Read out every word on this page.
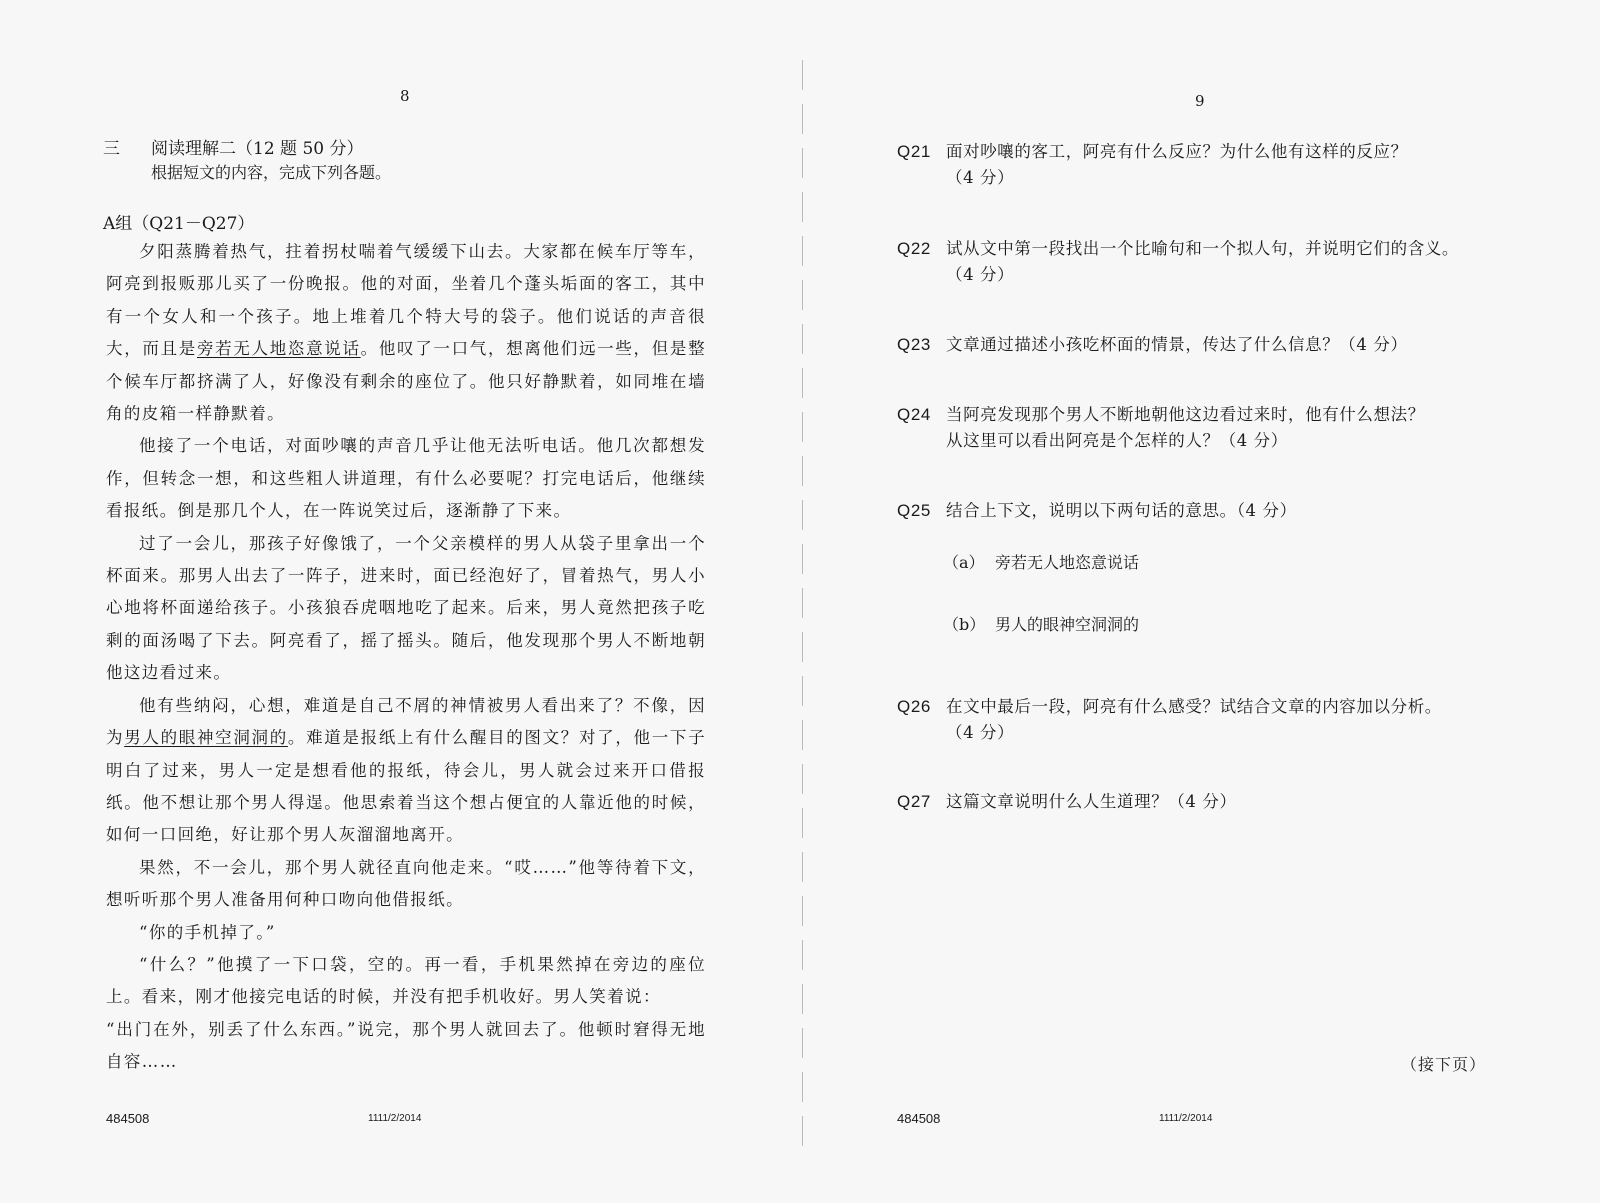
8
三 阅读理解二（12 题 50 分）
根据短文的内容，完成下列各题。
A组（Q21－Q27）

夕阳蒸腾着热气，拄着拐杖喘着气缓缓下山去。大家都在候车厅等车，阿亮到报贩那儿买了一份晚报。他的对面，坐着几个蓬头垢面的客工，其中有一个女人和一个孩子。地上堆着几个特大号的袋子。他们说话的声音很大，而且是旁若无人地恣意说话。他叹了一口气，想离他们远一些，但是整个候车厅都挤满了人，好像没有剩余的座位了。他只好静默着，如同堆在墙角的皮箱一样静默着。

他接了一个电话，对面吵嚷的声音几乎让他无法听电话。他几次都想发作，但转念一想，和这些粗人讲道理，有什么必要呢？打完电话后，他继续看报纸。倒是那几个人，在一阵说笑过后，逐渐静了下来。

过了一会儿，那孩子好像饿了，一个父亲模样的男人从袋子里拿出一个杯面来。那男人出去了一阵子，进来时，面已经泡好了，冒着热气，男人小心地将杯面递给孩子。小孩狼吞虎咽地吃了起来。后来，男人竟然把孩子吃剩的面汤喝了下去。阿亮看了，摇了摇头。随后，他发现那个男人不断地朝他这边看过来。

他有些纳闷，心想，难道是自己不屑的神情被男人看出来了？不像，因为男人的眼神空洞洞的。难道是报纸上有什么醒目的图文？对了，他一下子明白了过来，男人一定是想看他的报纸，待会儿，男人就会过来开口借报纸。他不想让那个男人得逞。他思索着当这个想占便宜的人靠近他的时候，如何一口回绝，好让那个男人灰溜溜地离开。

果然，不一会儿，那个男人就径直向他走来。“哎……”他等待着下文，想听听那个男人准备用何种口吻向他借报纸。

“你的手机掉了。”

“什么？”他摸了一下口袋，空的。再一看，手机果然掉在旁边的座位上。看来，刚才他接完电话的时候，并没有把手机收好。男人笑着说：

“出门在外，别丢了什么东西。”说完，那个男人就回去了。他顿时窘得无地自容……

484508	1111/2/2014
9
Q21 面对吵嚷的客工，阿亮有什么反应？为什么他有这样的反应？
（4 分）
Q22 试从文中第一段找出一个比喻句和一个拟人句，并说明它们的含义。（4 分）
Q23 文章通过描述小孩吃杯面的情景，传达了什么信息？（4 分）
Q24 当阿亮发现那个男人不断地朝他这边看过来时，他有什么想法？
从这里可以看出阿亮是个怎样的人？（4 分）
Q25 结合上下文，说明以下两句话的意思。（4 分）
（a） 旁若无人地恣意说话
（b） 男人的眼神空洞洞的
Q26 在文中最后一段，阿亮有什么感受？试结合文章的内容加以分析。
（4 分）
Q27 这篇文章说明什么人生道理？（4 分）
（接下页）
484508	1111/2/2014
